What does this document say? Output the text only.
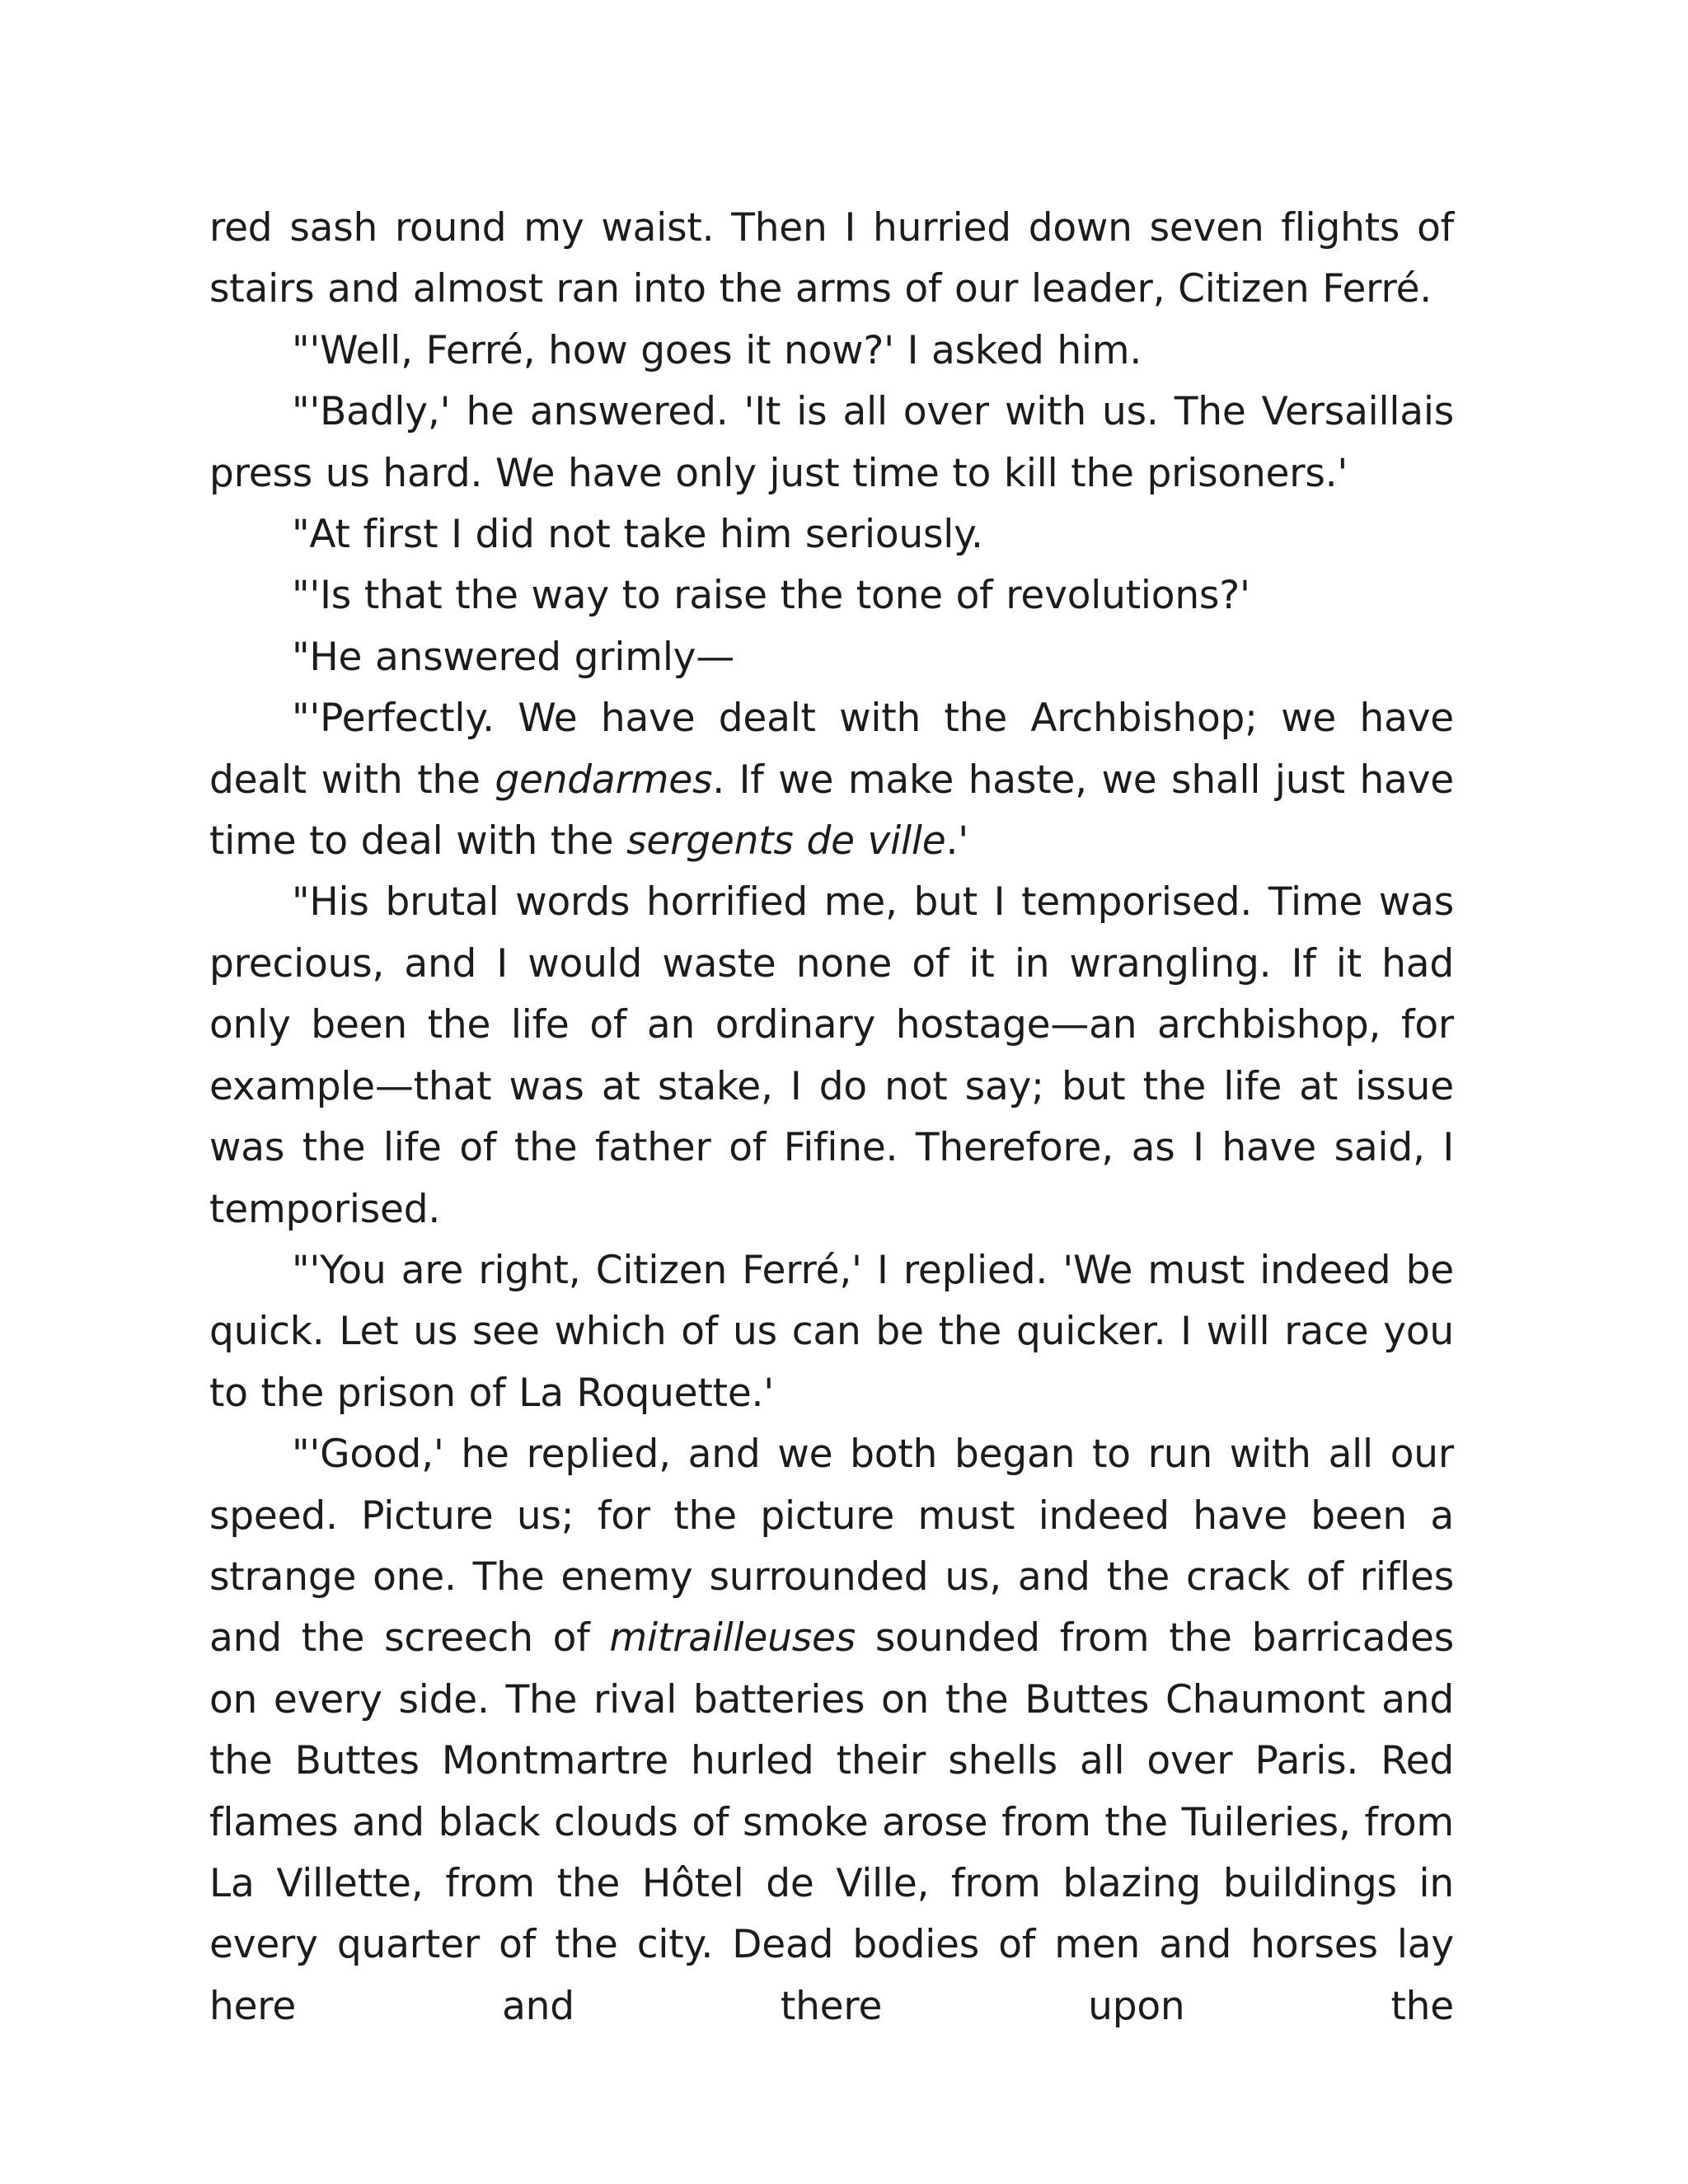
red sash round my waist. Then I hurried down seven flights of stairs and almost ran into the arms of our leader, Citizen Ferré.

"'Well, Ferré, how goes it now?' I asked him.

"'Badly,' he answered. 'It is all over with us. The Versaillais press us hard. We have only just time to kill the prisoners.'

"At first I did not take him seriously.

"'Is that the way to raise the tone of revolutions?'

"He answered grimly—

"'Perfectly. We have dealt with the Archbishop; we have dealt with the gendarmes. If we make haste, we shall just have time to deal with the sergents de ville.'

"His brutal words horrified me, but I temporised. Time was precious, and I would waste none of it in wrangling. If it had only been the life of an ordinary hostage—an archbishop, for example—that was at stake, I do not say; but the life at issue was the life of the father of Fifine. Therefore, as I have said, I temporised.

"'You are right, Citizen Ferré,' I replied. 'We must indeed be quick. Let us see which of us can be the quicker. I will race you to the prison of La Roquette.'

"'Good,' he replied, and we both began to run with all our speed. Picture us; for the picture must indeed have been a strange one. The enemy surrounded us, and the crack of rifles and the screech of mitrailleuses sounded from the barricades on every side. The rival batteries on the Buttes Chaumont and the Buttes Montmartre hurled their shells all over Paris. Red flames and black clouds of smoke arose from the Tuileries, from La Villette, from the Hôtel de Ville, from blazing buildings in every quarter of the city. Dead bodies of men and horses lay here and there upon the
